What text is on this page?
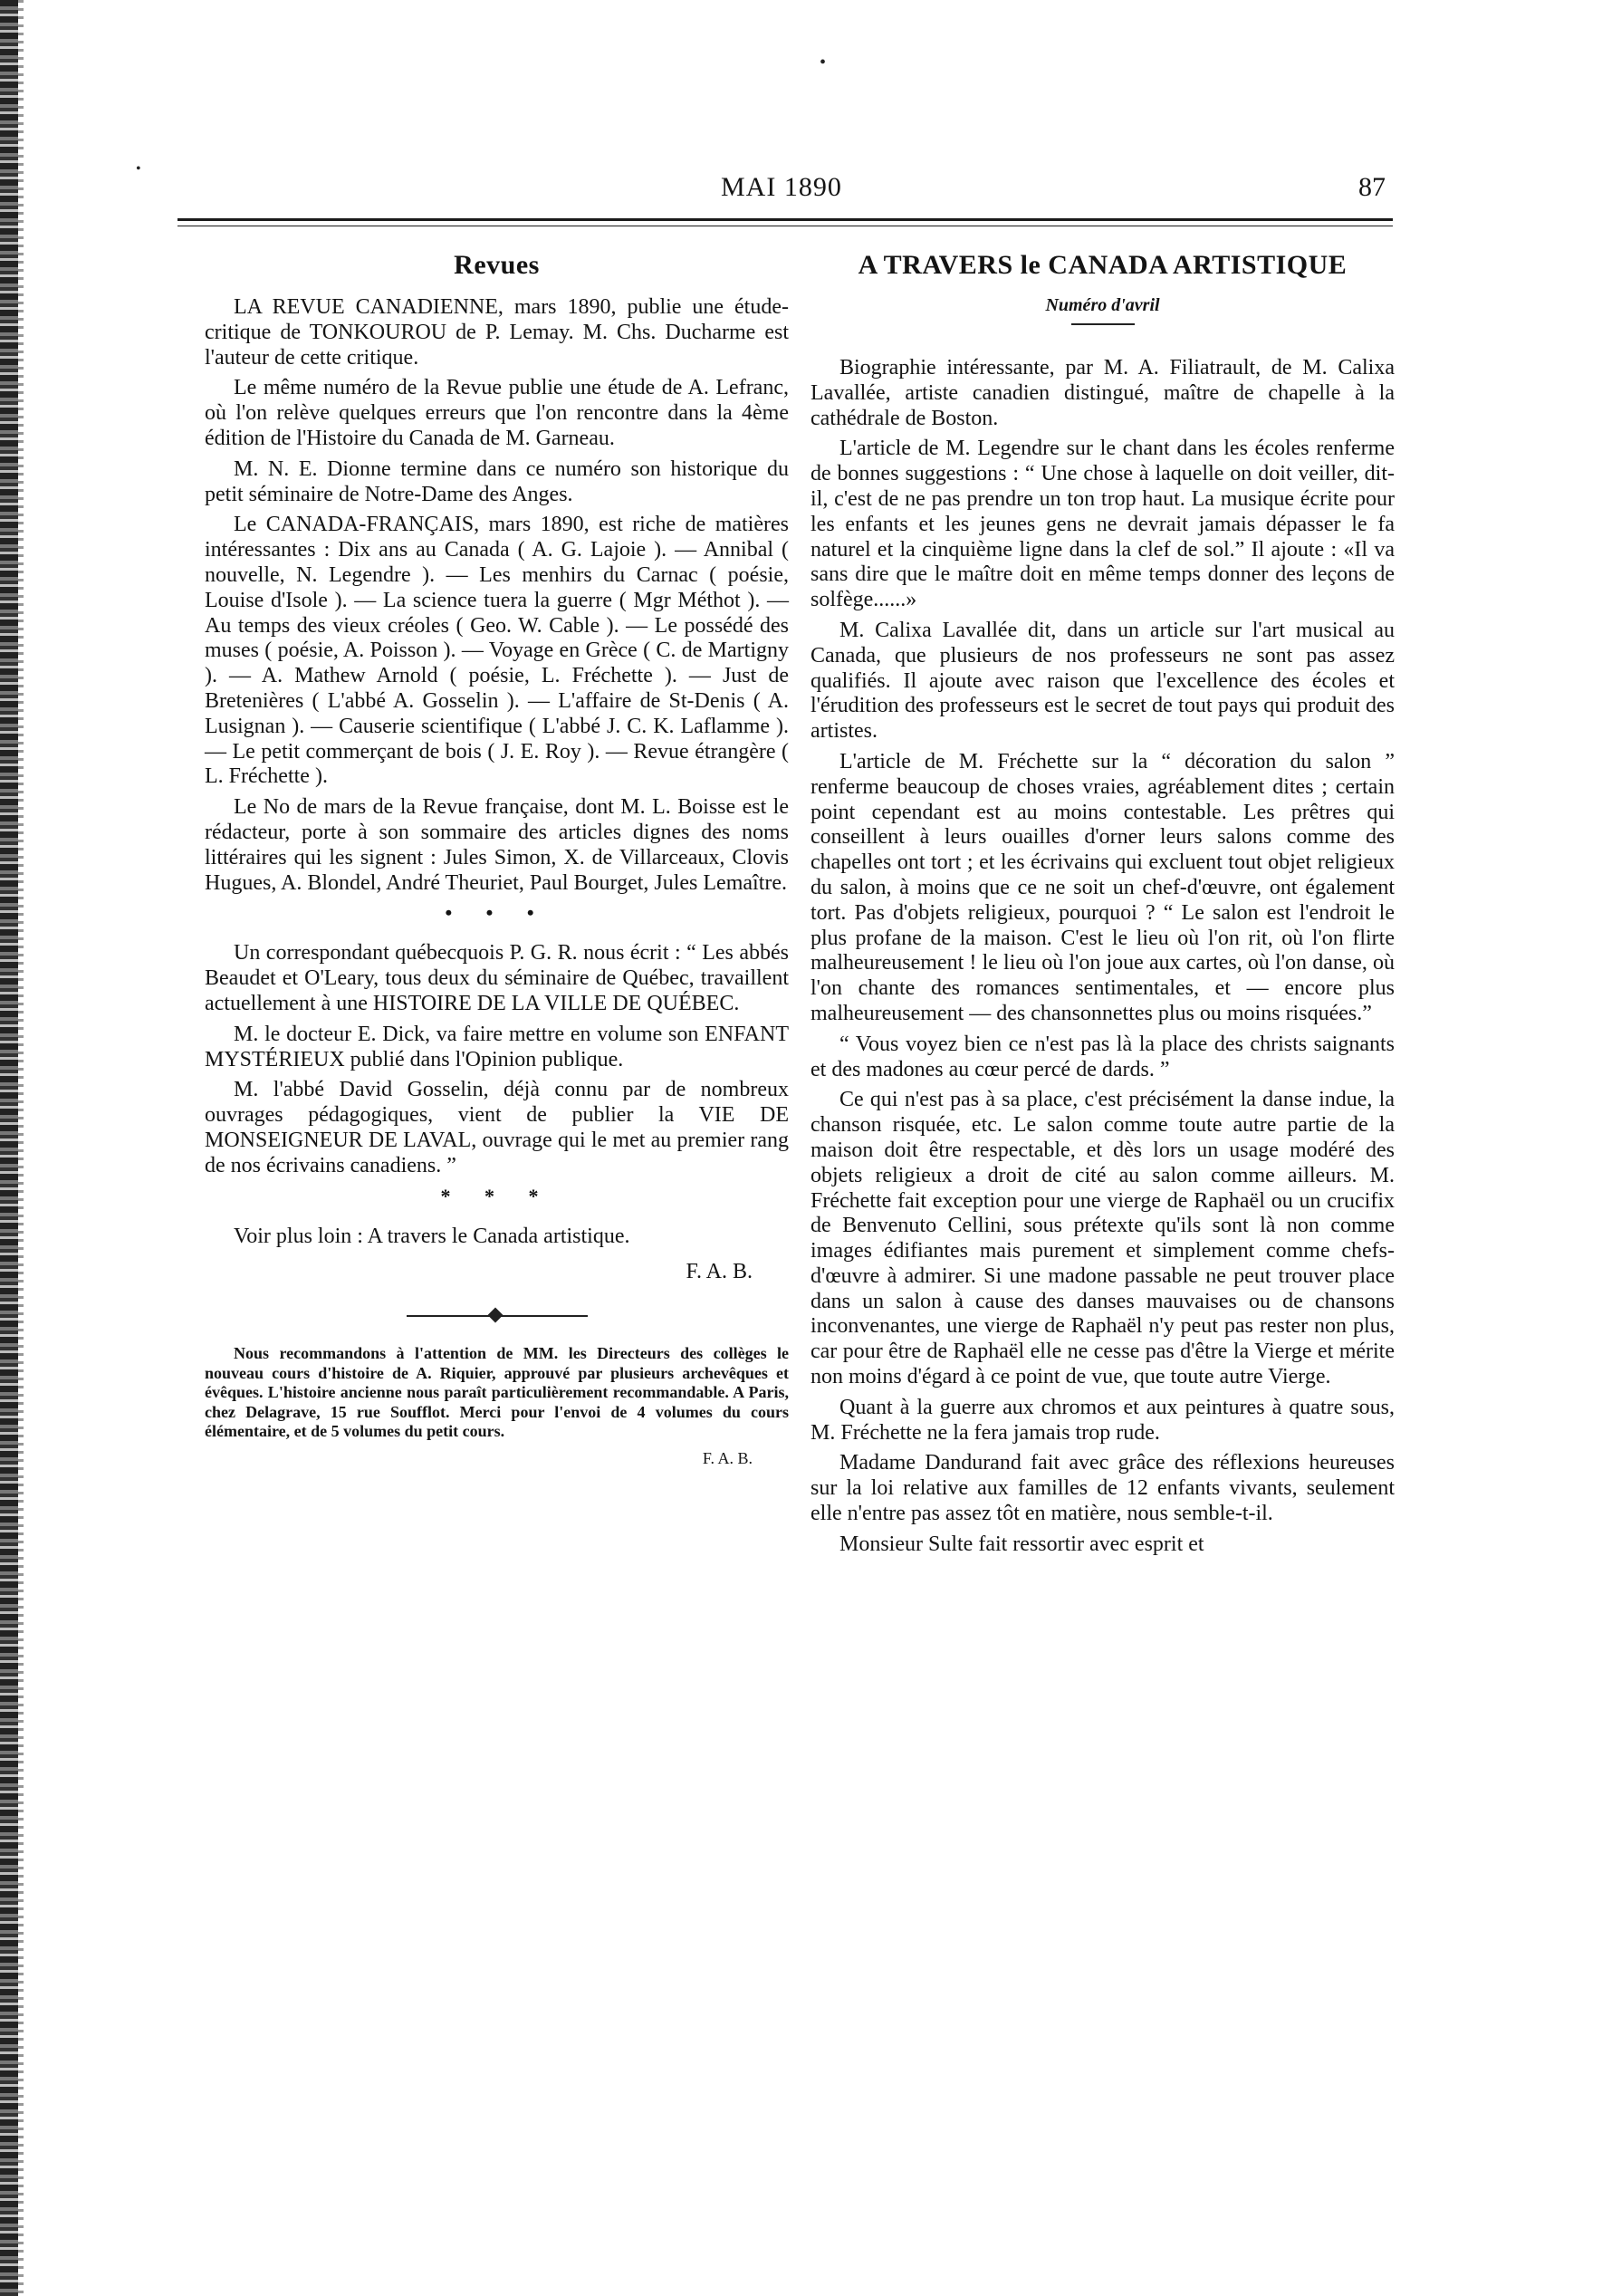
•
•
MAI 1890	87
Revues

LA REVUE CANADIENNE, mars 1890, publie une étude-critique de TONKOUROU de P. Lemay. M. Chs. Ducharme est l'auteur de cette critique.

Le même numéro de la Revue publie une étude de A. Lefranc, où l'on relève quelques erreurs que l'on rencontre dans la 4ème édition de l'Histoire du Canada de M. Garneau.

M. N. E. Dionne termine dans ce numéro son historique du petit séminaire de Notre-Dame des Anges.

Le CANADA-FRANÇAIS, mars 1890, est riche de matières intéressantes : Dix ans au Canada ( A. G. Lajoie ). — Annibal ( nouvelle, N. Legendre ). — Les menhirs du Carnac ( poésie, Louise d'Isole ). — La science tuera la guerre ( Mgr Méthot ). — Au temps des vieux créoles ( Geo. W. Cable ). — Le possédé des muses ( poésie, A. Poisson ). — Voyage en Grèce ( C. de Martigny ). — A. Mathew Arnold ( poésie, L. Fréchette ). — Just de Bretenières ( L'abbé A. Gosselin ). — L'affaire de St-Denis ( A. Lusignan ). — Causerie scientifique ( L'abbé J. C. K. Laflamme ). — Le petit commerçant de bois ( J. E. Roy ). — Revue étrangère ( L. Fréchette ).

Le No de mars de la Revue française, dont M. L. Boisse est le rédacteur, porte à son sommaire des articles dignes des noms littéraires qui les signent : Jules Simon, X. de Villarceaux, Clovis Hugues, A. Blondel, André Theuriet, Paul Bourget, Jules Lemaître.

• • •

Un correspondant québecquois P. G. R. nous écrit : “ Les abbés Beaudet et O'Leary, tous deux du séminaire de Québec, travaillent actuellement à une HISTOIRE DE LA VILLE DE QUÉBEC.

M. le docteur E. Dick, va faire mettre en volume son ENFANT MYSTÉRIEUX publié dans l'Opinion publique.

M. l'abbé David Gosselin, déjà connu par de nombreux ouvrages pédagogiques, vient de publier la VIE DE MONSEIGNEUR DE LAVAL, ouvrage qui le met au premier rang de nos écrivains canadiens. ”

* * *

Voir plus loin : A travers le Canada artistique.

F. A. B.

Nous recommandons à l'attention de MM. les Directeurs des collèges le nouveau cours d'histoire de A. Riquier, approuvé par plusieurs archevêques et évêques. L'histoire ancienne nous paraît particulièrement recommandable. A Paris, chez Delagrave, 15 rue Soufflot. Merci pour l'envoi de 4 volumes du cours élémentaire, et de 5 volumes du petit cours.

F. A. B.
A TRAVERS le CANADA ARTISTIQUE
Numéro d'avril

Biographie intéressante, par M. A. Filiatrault, de M. Calixa Lavallée, artiste canadien distingué, maître de chapelle à la cathédrale de Boston.

L'article de M. Legendre sur le chant dans les écoles renferme de bonnes suggestions : “ Une chose à laquelle on doit veiller, dit-il, c'est de ne pas prendre un ton trop haut. La musique écrite pour les enfants et les jeunes gens ne devrait jamais dépasser le fa naturel et la cinquième ligne dans la clef de sol.” Il ajoute : «Il va sans dire que le maître doit en même temps donner des leçons de solfège......»

M. Calixa Lavallée dit, dans un article sur l'art musical au Canada, que plusieurs de nos professeurs ne sont pas assez qualifiés. Il ajoute avec raison que l'excellence des écoles et l'érudition des professeurs est le secret de tout pays qui produit des artistes.

L'article de M. Fréchette sur la “ décoration du salon ” renferme beaucoup de choses vraies, agréablement dites ; certain point cependant est au moins contestable. Les prêtres qui conseillent à leurs ouailles d'orner leurs salons comme des chapelles ont tort ; et les écrivains qui excluent tout objet religieux du salon, à moins que ce ne soit un chef-d'œuvre, ont également tort. Pas d'objets religieux, pourquoi ? “ Le salon est l'endroit le plus profane de la maison. C'est le lieu où l'on rit, où l'on flirte malheureusement ! le lieu où l'on joue aux cartes, où l'on danse, où l'on chante des romances sentimentales, et — encore plus malheureusement — des chansonnettes plus ou moins risquées.”

“ Vous voyez bien ce n'est pas là la place des christs saignants et des madones au cœur percé de dards. ”

Ce qui n'est pas à sa place, c'est précisément la danse indue, la chanson risquée, etc. Le salon comme toute autre partie de la maison doit être respectable, et dès lors un usage modéré des objets religieux a droit de cité au salon comme ailleurs. M. Fréchette fait exception pour une vierge de Raphaël ou un crucifix de Benvenuto Cellini, sous prétexte qu'ils sont là non comme images édifiantes mais purement et simplement comme chefs-d'œuvre à admirer. Si une madone passable ne peut trouver place dans un salon à cause des danses mauvaises ou de chansons inconvenantes, une vierge de Raphaël n'y peut pas rester non plus, car pour être de Raphaël elle ne cesse pas d'être la Vierge et mérite non moins d'égard à ce point de vue, que toute autre Vierge.

Quant à la guerre aux chromos et aux peintures à quatre sous, M. Fréchette ne la fera jamais trop rude.

Madame Dandurand fait avec grâce des réflexions heureuses sur la loi relative aux familles de 12 enfants vivants, seulement elle n'entre pas assez tôt en matière, nous semble-t-il.

Monsieur Sulte fait ressortir avec esprit et
